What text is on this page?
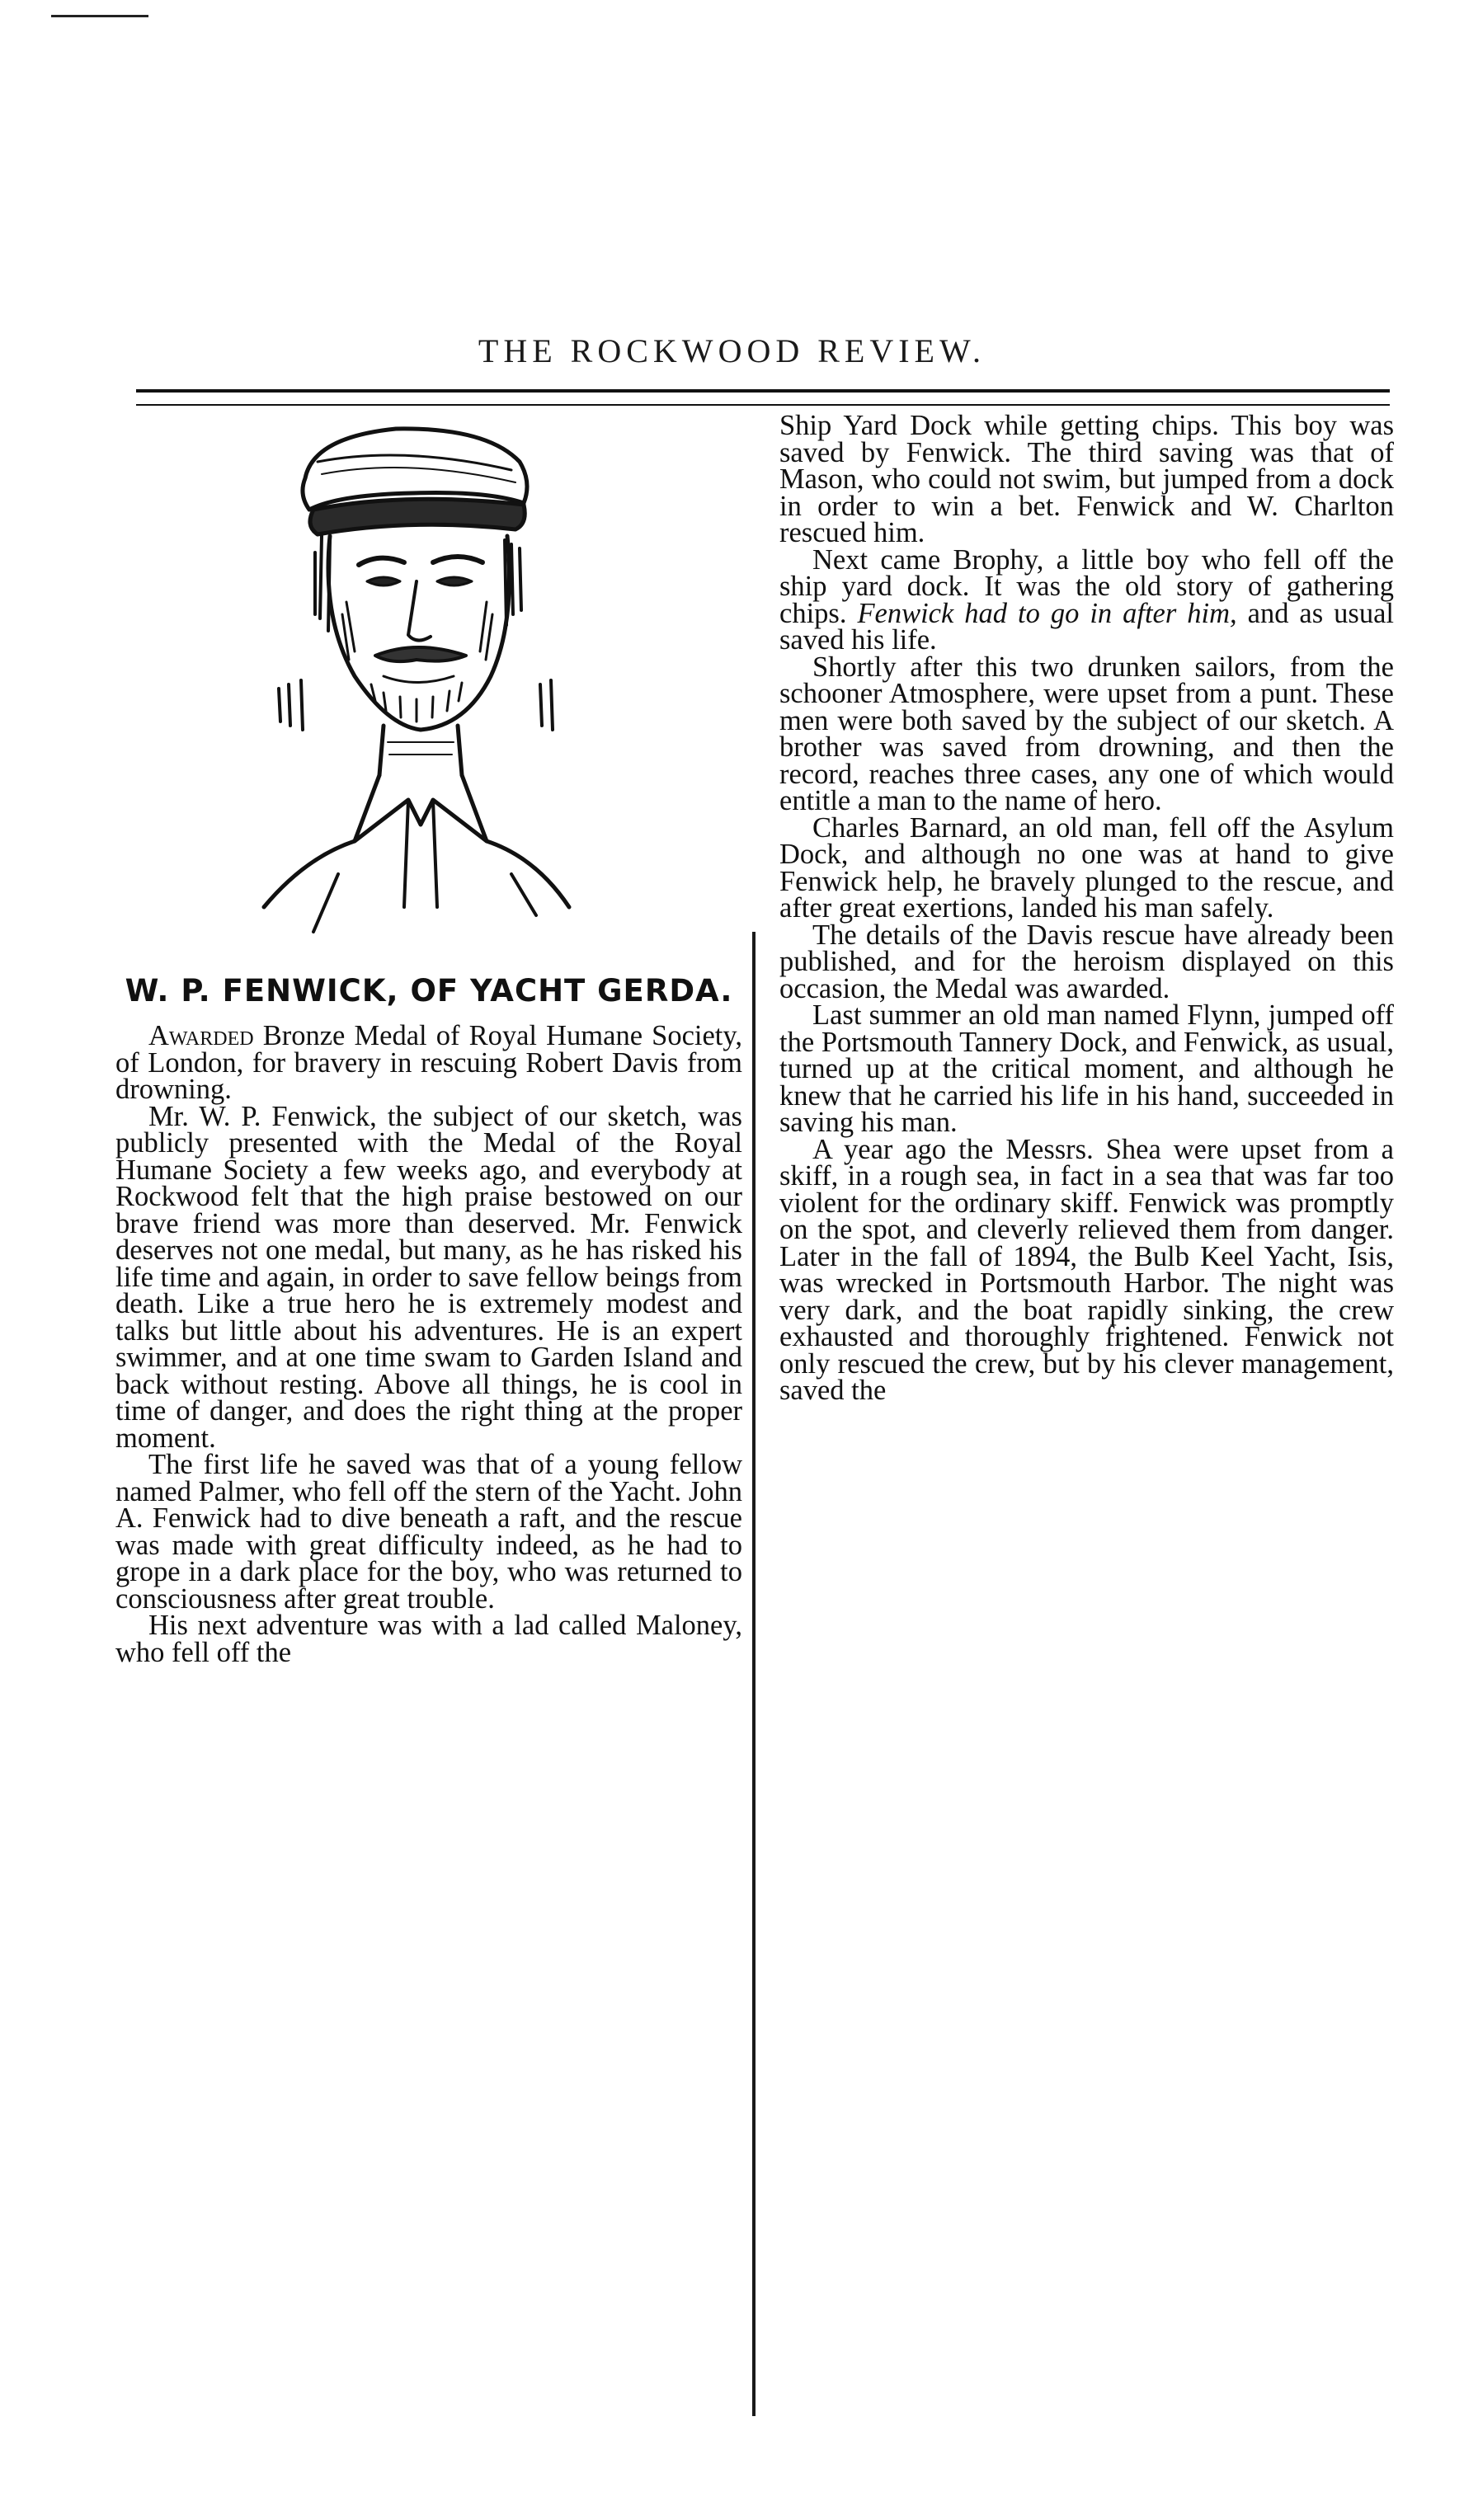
THE ROCKWOOD REVIEW.
W. P. FENWICK, OF YACHT GERDA.

Awarded Bronze Medal of Royal Humane Society, of London, for bravery in rescuing Robert Davis from drowning.

Mr. W. P. Fenwick, the subject of our sketch, was publicly presented with the Medal of the Royal Humane Society a few weeks ago, and everybody at Rockwood felt that the high praise bestowed on our brave friend was more than deserved. Mr. Fenwick deserves not one medal, but many, as he has risked his life time and again, in order to save fellow beings from death. Like a true hero he is extremely modest and talks but little about his adventures. He is an expert swimmer, and at one time swam to Garden Island and back without resting. Above all things, he is cool in time of danger, and does the right thing at the proper moment.

The first life he saved was that of a young fellow named Palmer, who fell off the stern of the Yacht. John A. Fenwick had to dive beneath a raft, and the rescue was made with great difficulty indeed, as he had to grope in a dark place for the boy, who was returned to consciousness after great trouble.

His next adventure was with a lad called Maloney, who fell off the

Ship Yard Dock while getting chips. This boy was saved by Fenwick. The third saving was that of Mason, who could not swim, but jumped from a dock in order to win a bet. Fenwick and W. Charlton rescued him.

Next came Brophy, a little boy who fell off the ship yard dock. It was the old story of gathering chips. Fenwick had to go in after him, and as usual saved his life.

Shortly after this two drunken sailors, from the schooner Atmosphere, were upset from a punt. These men were both saved by the subject of our sketch. A brother was saved from drowning, and then the record, reaches three cases, any one of which would entitle a man to the name of hero.

Charles Barnard, an old man, fell off the Asylum Dock, and although no one was at hand to give Fenwick help, he bravely plunged to the rescue, and after great exertions, landed his man safely.

The details of the Davis rescue have already been published, and for the heroism displayed on this occasion, the Medal was awarded.

Last summer an old man named Flynn, jumped off the Portsmouth Tannery Dock, and Fenwick, as usual, turned up at the critical moment, and although he knew that he carried his life in his hand, succeeded in saving his man.

A year ago the Messrs. Shea were upset from a skiff, in a rough sea, in fact in a sea that was far too violent for the ordinary skiff. Fenwick was promptly on the spot, and cleverly relieved them from danger. Later in the fall of 1894, the Bulb Keel Yacht, Isis, was wrecked in Portsmouth Harbor. The night was very dark, and the boat rapidly sinking, the crew exhausted and thoroughly frightened. Fenwick not only rescued the crew, but by his clever management, saved the
